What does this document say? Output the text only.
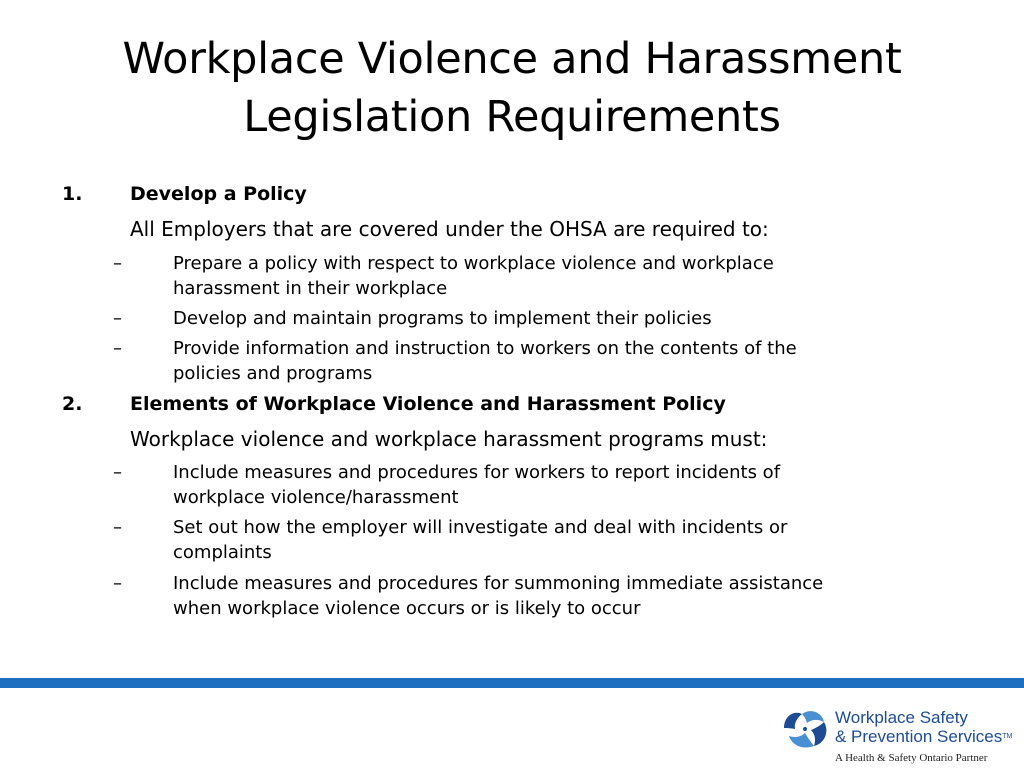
Workplace Violence and Harassment
Legislation Requirements
1.	Develop a Policy
All Employers that are covered under the OHSA are required to:
–	Prepare a policy with respect to workplace violence and workplace
harassment in their workplace
–	Develop and maintain programs to implement their policies
–	Provide information and instruction to workers on the contents of the
policies and programs
2.	Elements of Workplace Violence and Harassment Policy
Workplace violence and workplace harassment programs must:
–	Include measures and procedures for workers to report incidents of
workplace violence/harassment
–	Set out how the employer will investigate and deal with incidents or
complaints
–	Include measures and procedures for summoning immediate assistance
when workplace violence occurs or is likely to occur
Workplace Safety
& Prevention Services™
A Health & Safety Ontario Partner
